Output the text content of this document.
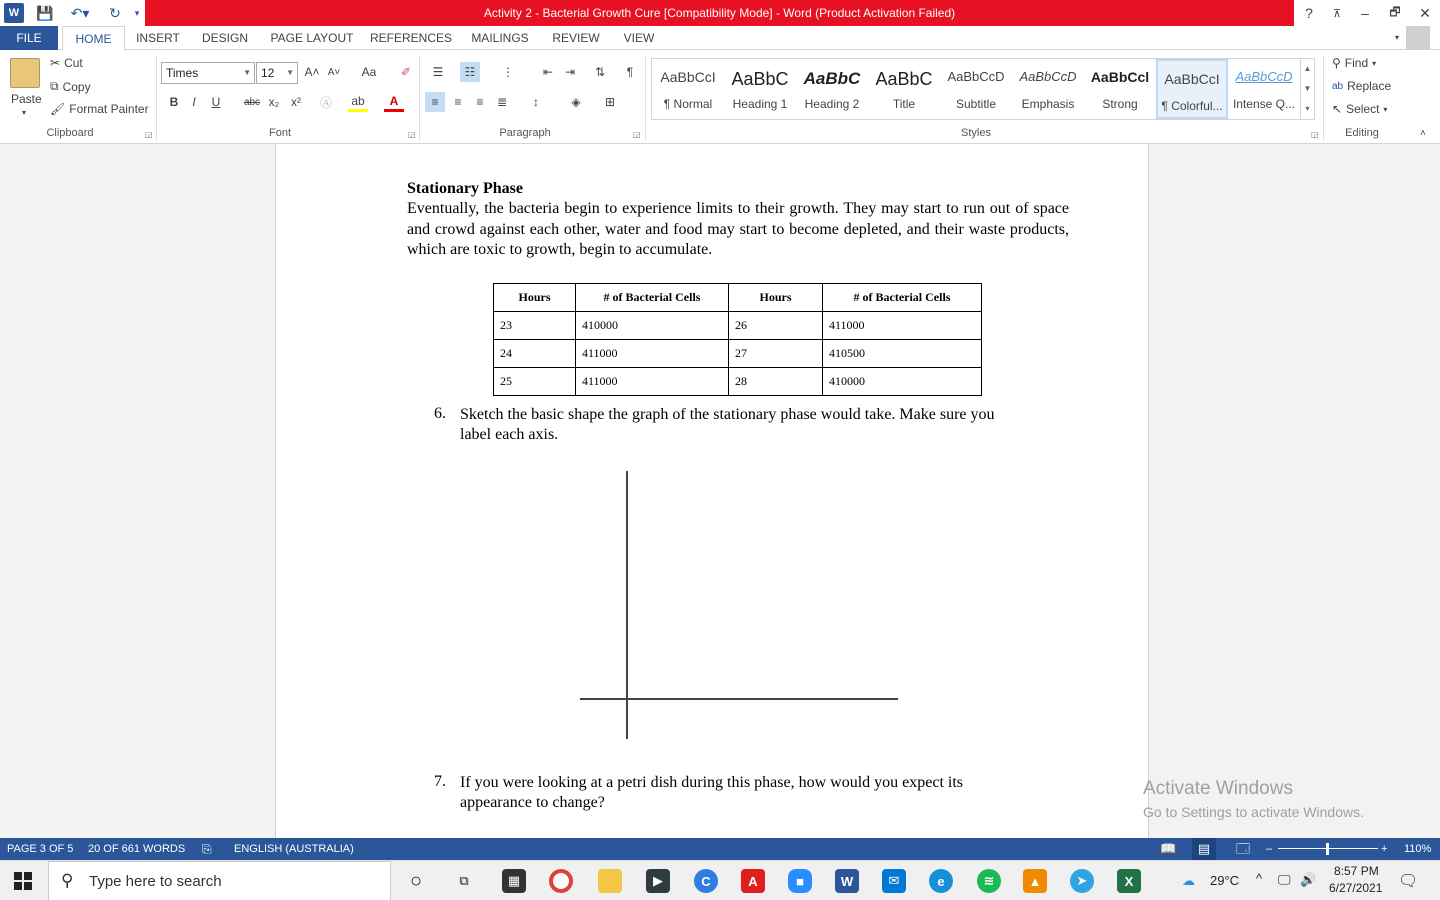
W	💾	↶▾	↻	▾	Activity 2 - Bacterial Growth Cure [Compatibility Mode] - Word (Product Activation Failed)	?	⊼	–	🗗	✕
FILE	HOME	INSERT	DESIGN	PAGE LAYOUT	REFERENCES	MAILINGS	REVIEW	VIEW	▾
Paste
▾
✂ Cut
⧉ Copy
🖌 Format Painter
Clipboard	◲
Times	▼ 12 ▼ A˄ A˅	Aa	✐
B	I	U	abc x₂ x²	Ⓐ	ab	A
Font	◲
☰	☷	⋮	⇤ ⇥	⇅	¶
≡	≡	≡	≣	↕	◈	⊞
Paragraph	◲
AaBbCcI
¶ Normal
AaBbC
Heading 1
AaBbC
Heading 2
AaBbC
Title
AaBbCcD
Subtitle
AaBbCcD
Emphasis
AaBbCcl
Strong
AaBbCcI
¶ Colorful...
AaBbCcD
Intense Q...
▲
▼
▾
Styles	◲
⚲ Find ▾
ab Replace
↖ Select ▾
Editing	˄
Stationary Phase
Eventually, the bacteria begin to experience limits to their growth. They may start to run out of space and crowd against each other, water and food may start to become depleted, and their waste products, which are toxic to growth, begin to accumulate.
Hours	# of Bacterial Cells	Hours	# of Bacterial Cells
23	410000	26	411000
24	411000	27	410500
25	411000	28	410000
6. Sketch the basic shape the graph of the stationary phase would take. Make sure you
label each axis.
7. If you were looking at a petri dish during this phase, how would you expect its
appearance to change?
Activate Windows
Go to Settings to activate Windows.
PAGE 3 OF 5 20 OF 661 WORDS ⎘ ENGLISH (AUSTRALIA)	📖	▤	🗔 –	+ 110%
⚲ Type here to search	○	⧉	▦	▶	C	A	■	W	✉	e	≋	▲	➤	X	☁ 29°C ^ 🖵 🔊
8:57 PM
6/27/2021 🗨
